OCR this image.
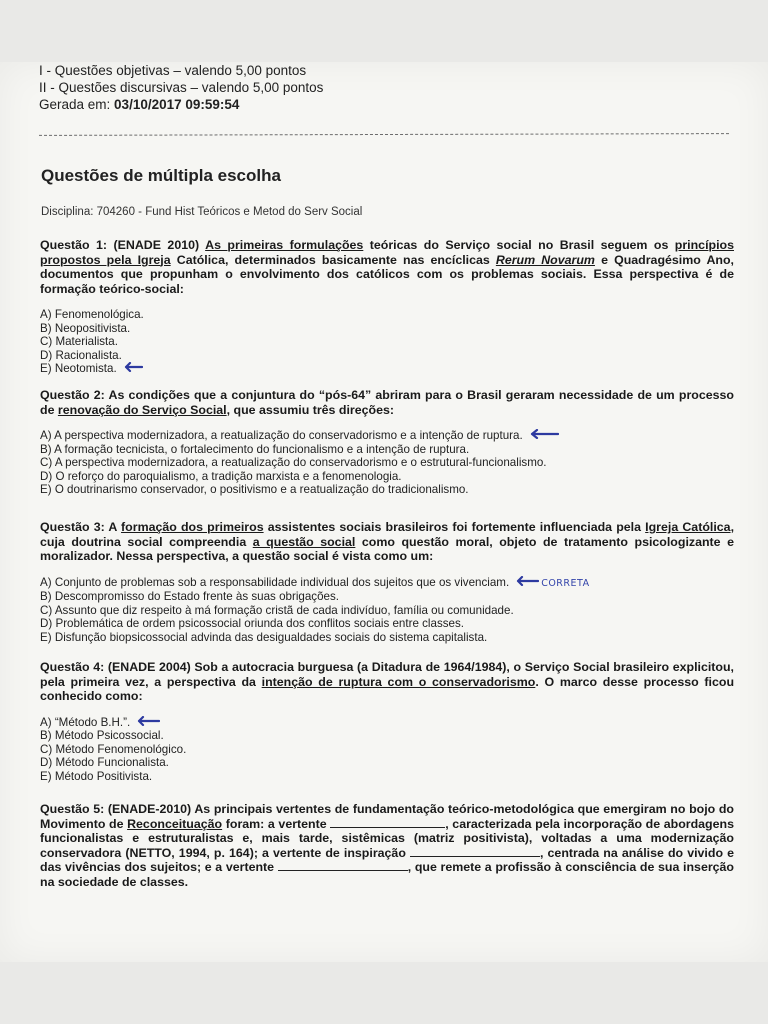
I - Questões objetivas – valendo 5,00 pontos
II - Questões discursivas – valendo 5,00 pontos
Gerada em: 03/10/2017 09:59:54
Questões de múltipla escolha
Disciplina: 704260 - Fund Hist Teóricos e Metod do Serv Social
Questão 1: (ENADE 2010) As primeiras formulações teóricas do Serviço social no Brasil seguem os princípios propostos pela Igreja Católica, determinados basicamente nas encíclicas Rerum Novarum e Quadragésimo Ano, documentos que propunham o envolvimento dos católicos com os problemas sociais. Essa perspectiva é de formação teórico-social:
A) Fenomenológica.
B) Neopositivista.
C) Materialista.
D) Racionalista.
E) Neotomista.
Questão 2: As condições que a conjuntura do “pós-64” abriram para o Brasil geraram necessidade de um processo de renovação do Serviço Social, que assumiu três direções:
A) A perspectiva modernizadora, a reatualização do conservadorismo e a intenção de ruptura.
B) A formação tecnicista, o fortalecimento do funcionalismo e a intenção de ruptura.
C) A perspectiva modernizadora, a reatualização do conservadorismo e o estrutural-funcionalismo.
D) O reforço do paroquialismo, a tradição marxista e a fenomenologia.
E) O doutrinarismo conservador, o positivismo e a reatualização do tradicionalismo.
Questão 3: A formação dos primeiros assistentes sociais brasileiros foi fortemente influenciada pela Igreja Católica, cuja doutrina social compreendia a questão social como questão moral, objeto de tratamento psicologizante e moralizador. Nessa perspectiva, a questão social é vista como um:
A) Conjunto de problemas sob a responsabilidade individual dos sujeitos que os vivenciam.	CORRETA
B) Descompromisso do Estado frente às suas obrigações.
C) Assunto que diz respeito à má formação cristã de cada indivíduo, família ou comunidade.
D) Problemática de ordem psicossocial oriunda dos conflitos sociais entre classes.
E) Disfunção biopsicossocial advinda das desigualdades sociais do sistema capitalista.
Questão 4: (ENADE 2004) Sob a autocracia burguesa (a Ditadura de 1964/1984), o Serviço Social brasileiro explicitou, pela primeira vez, a perspectiva da intenção de ruptura com o conservadorismo. O marco desse processo ficou conhecido como:
A) “Método B.H.”.
B) Método Psicossocial.
C) Método Fenomenológico.
D) Método Funcionalista.
E) Método Positivista.
Questão 5: (ENADE-2010) As principais vertentes de fundamentação teórico-metodológica que emergiram no bojo do Movimento de Reconceituação foram: a vertente	, caracterizada pela incorporação de abordagens funcionalistas e estruturalistas e, mais tarde, sistêmicas (matriz positivista), voltadas a uma modernização conservadora (NETTO, 1994, p. 164); a vertente de inspiração	, centrada na análise do vivido e das vivências dos sujeitos; e a vertente	, que remete a profissão à consciência de sua inserção na sociedade de classes.
